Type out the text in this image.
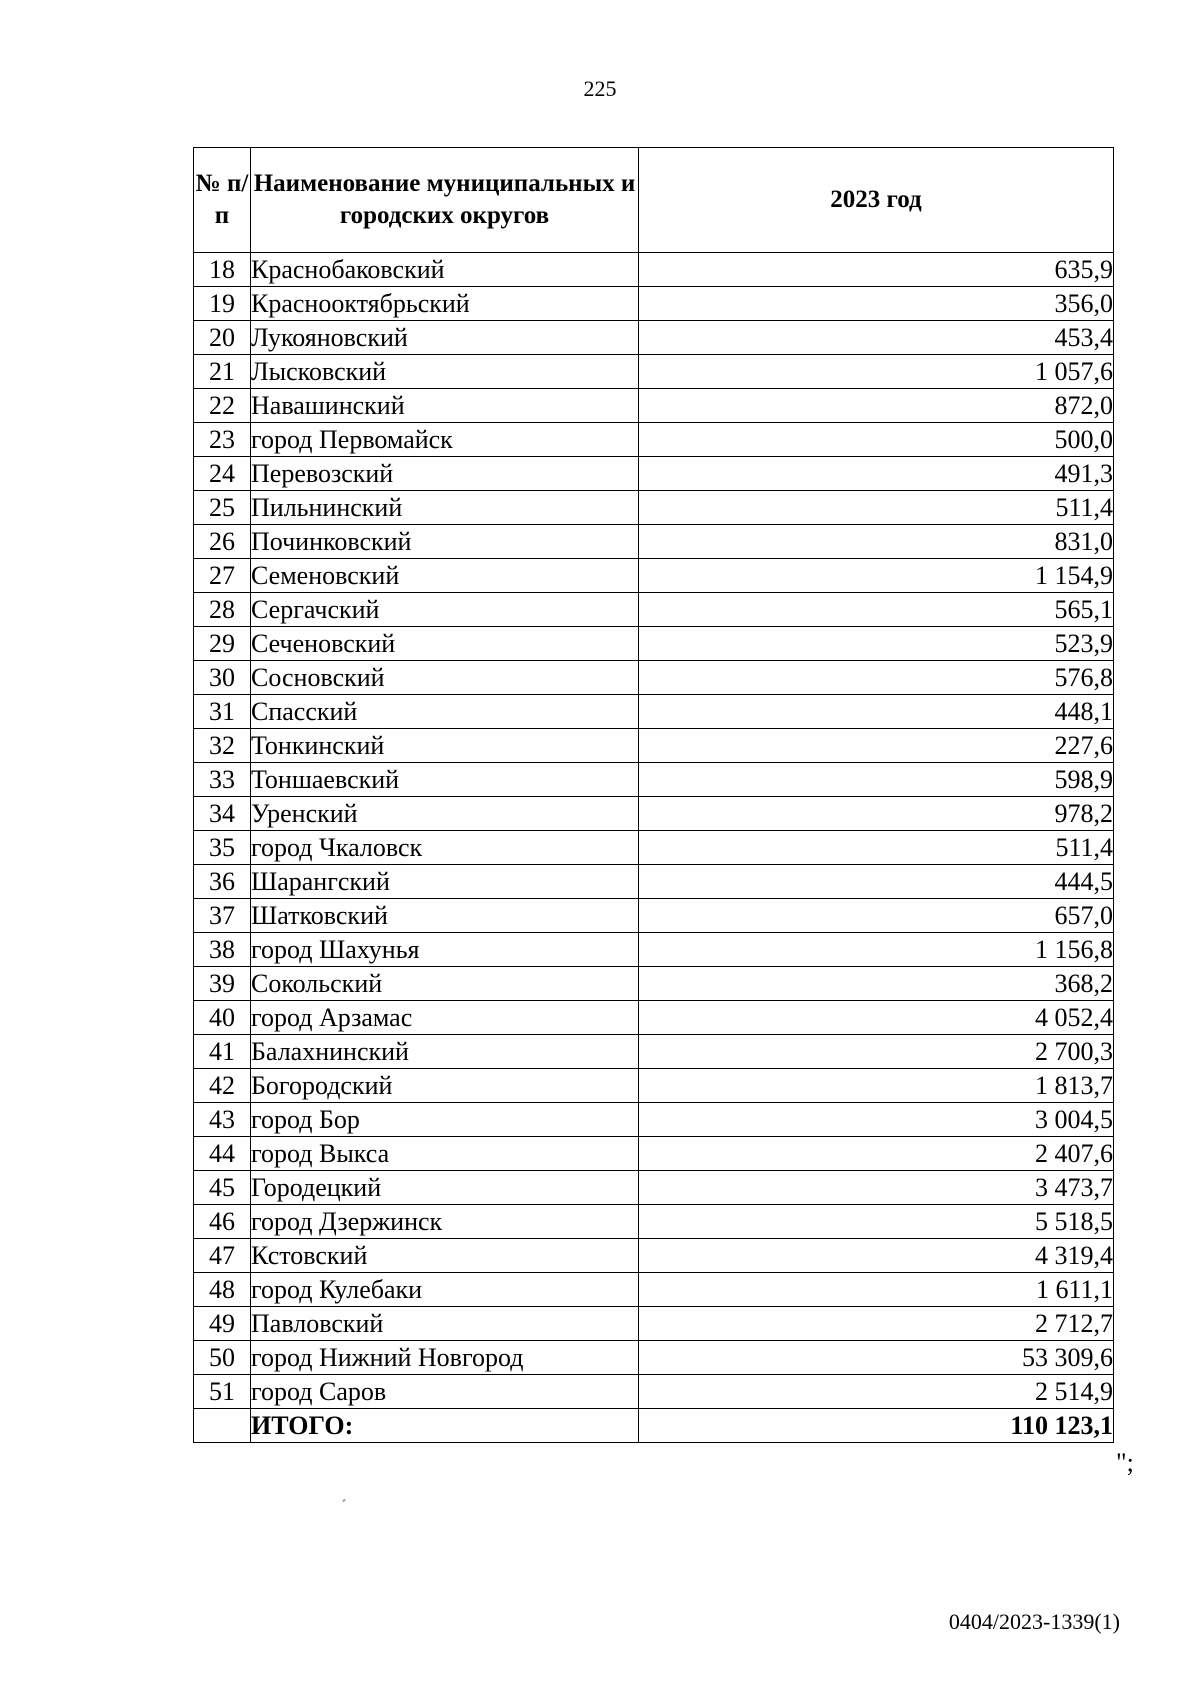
225
№ п/п	Наименование муниципальных и городских округов	2023 год
18	Краснобаковский	635,9
19	Краснооктябрьский	356,0
20	Лукояновский	453,4
21	Лысковский	1 057,6
22	Навашинский	872,0
23	город Первомайск	500,0
24	Перевозский	491,3
25	Пильнинский	511,4
26	Починковский	831,0
27	Семеновский	1 154,9
28	Сергачский	565,1
29	Сеченовский	523,9
30	Сосновский	576,8
31	Спасский	448,1
32	Тонкинский	227,6
33	Тоншаевский	598,9
34	Уренский	978,2
35	город Чкаловск	511,4
36	Шарангский	444,5
37	Шатковский	657,0
38	город Шахунья	1 156,8
39	Сокольский	368,2
40	город Арзамас	4 052,4
41	Балахнинский	2 700,3
42	Богородский	1 813,7
43	город Бор	3 004,5
44	город Выкса	2 407,6
45	Городецкий	3 473,7
46	город Дзержинск	5 518,5
47	Кстовский	4 319,4
48	город Кулебаки	1 611,1
49	Павловский	2 712,7
50	город Нижний Новгород	53 309,6
51	город Саров	2 514,9
	ИТОГО:	110 123,1
";
0404/2023-1339(1)
